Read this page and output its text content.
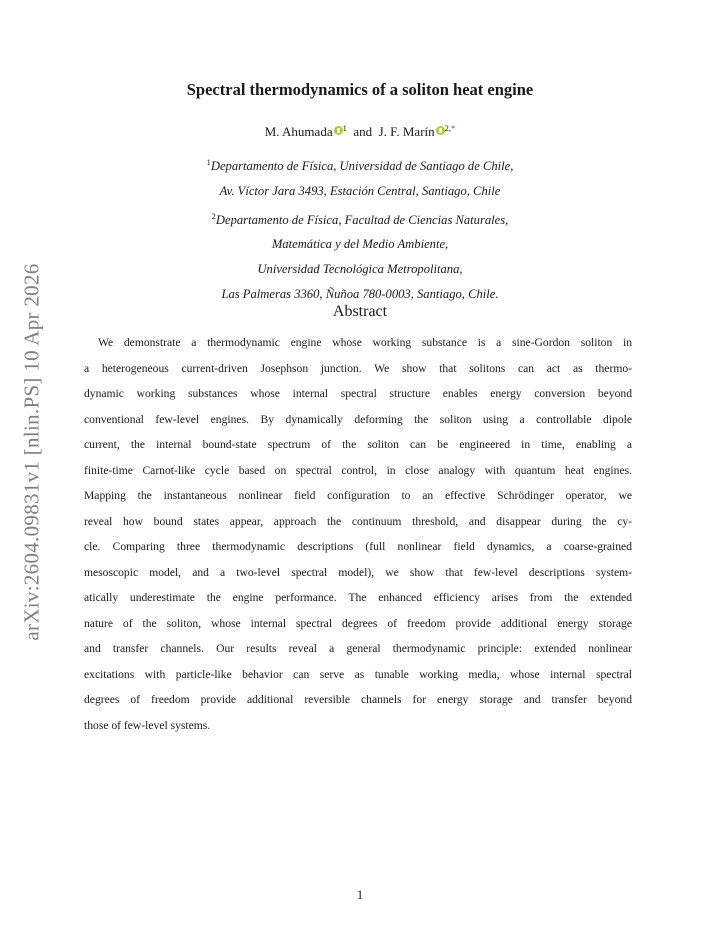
arXiv:2604.09831v1 [nlin.PS] 10 Apr 2026
Spectral thermodynamics of a soliton heat engine
M. Ahumada $^1$ and J. F. Marín $^{2,*}$
$^1$Departamento de Física, Universidad de Santiago de Chile,
Av. Víctor Jara 3493, Estación Central, Santiago, Chile
$^2$Departamento de Física, Facultad de Ciencias Naturales,
Matemática y del Medio Ambiente,
Universidad Tecnológica Metropolitana,
Las Palmeras 3360, Ñuñoa 780-0003, Santiago, Chile.
Abstract
We demonstrate a thermodynamic engine whose working substance is a sine-Gordon soliton in
a heterogeneous current-driven Josephson junction. We show that solitons can act as thermo-
dynamic working substances whose internal spectral structure enables energy conversion beyond
conventional few-level engines. By dynamically deforming the soliton using a controllable dipole
current, the internal bound-state spectrum of the soliton can be engineered in time, enabling a
finite-time Carnot-like cycle based on spectral control, in close analogy with quantum heat engines.
Mapping the instantaneous nonlinear field configuration to an effective Schrödinger operator, we
reveal how bound states appear, approach the continuum threshold, and disappear during the cy-
cle. Comparing three thermodynamic descriptions (full nonlinear field dynamics, a coarse-grained
mesoscopic model, and a two-level spectral model), we show that few-level descriptions system-
atically underestimate the engine performance. The enhanced efficiency arises from the extended
nature of the soliton, whose internal spectral degrees of freedom provide additional energy storage
and transfer channels. Our results reveal a general thermodynamic principle: extended nonlinear
excitations with particle-like behavior can serve as tunable working media, whose internal spectral
degrees of freedom provide additional reversible channels for energy storage and transfer beyond
those of few-level systems.
1
